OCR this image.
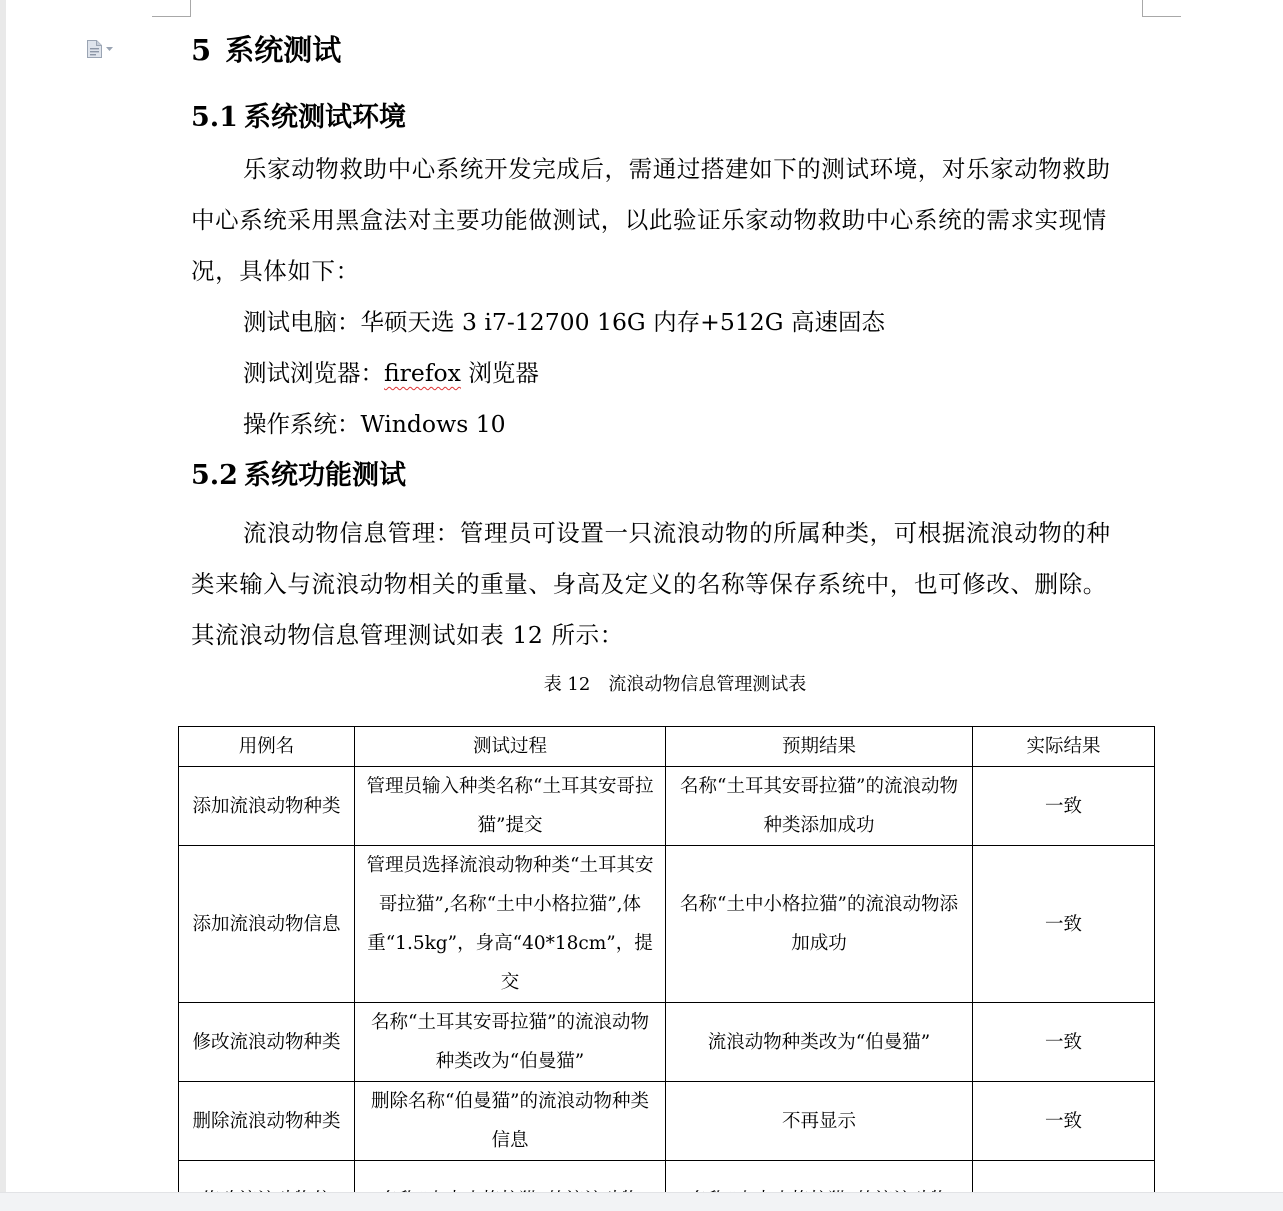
5 系统测试
5.1 系统测试环境

乐家动物救助中心系统开发完成后，需通过搭建如下的测试环境，对乐家动物救助中心系统采用黑盒法对主要功能做测试，以此验证乐家动物救助中心系统的需求实现情况，具体如下：

测试电脑：华硕天选 3 i7-12700 16G 内存+512G 高速固态

测试浏览器：firefox 浏览器

操作系统：Windows 10

5.2 系统功能测试

流浪动物信息管理：管理员可设置一只流浪动物的所属种类，可根据流浪动物的种类来输入与流浪动物相关的重量、身高及定义的名称等保存系统中，也可修改、删除。其流浪动物信息管理测试如表 12 所示：

表 12　流浪动物信息管理测试表
用例名	测试过程	预期结果	实际结果
添加流浪动物种类	管理员输入种类名称“土耳其安哥拉猫”提交	名称“土耳其安哥拉猫”的流浪动物种类添加成功	一致
添加流浪动物信息	管理员选择流浪动物种类“土耳其安哥拉猫”,名称“土中小格拉猫”,体重“1.5kg”，身高“40*18cm”，提交	名称“土中小格拉猫”的流浪动物添加成功	一致
修改流浪动物种类	名称“土耳其安哥拉猫”的流浪动物种类改为“伯曼猫”	流浪动物种类改为“伯曼猫”	一致
删除流浪动物种类	删除名称“伯曼猫”的流浪动物种类信息	不再显示	一致
